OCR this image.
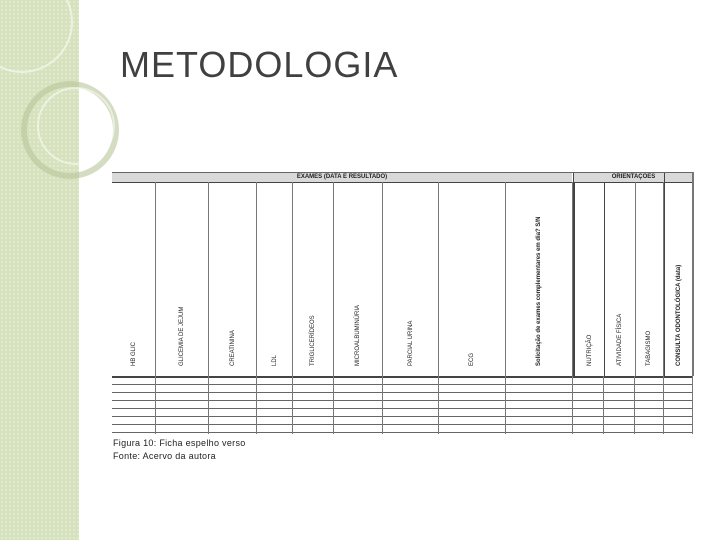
METODOLOGIA
EXAMES (DATA E RESULTADO)	ORIENTAÇÕES
HB GLIC	GLICEMIA DE JEJUM	CREATININA	LDL	TRIGLICERÍDEOS	MICROALBUMINÚRIA	PARCIAL URINA	ECG	Solicitação de exames complementares em dia? S/N	NUTRIÇÃO	ATIVIDADE FÍSICA	TABAGISMO	CONSULTA ODONTOLÓGICA (data)
Figura 10: Ficha espelho verso
Fonte: Acervo da autora
